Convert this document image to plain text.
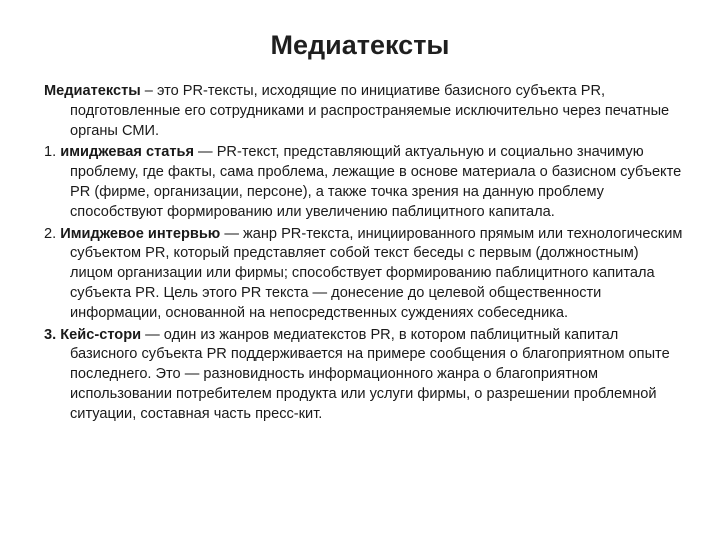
Медиатексты

Медиатексты – это PR-тексты, исходящие по инициативе базисного субъекта PR, подготовленные его сотрудниками и распространяемые исключительно через печатные органы СМИ.

1. имиджевая статья — PR-текст, представляющий актуальную и социально значимую проблему, где факты, сама проблема, лежащие в основе материала о базисном субъекте PR (фирме, организации, персоне), а также точка зрения на данную проблему способствуют формированию или увеличению паблицитного капитала.

2. Имиджевое интервью — жанр PR-текста, инициированного прямым или технологическим субъектом PR, который представляет собой текст беседы с первым (должностным) лицом организации или фирмы; способствует формированию паблицитного капитала субъекта PR. Цель этого PR текста — донесение до целевой общественности информации, основанной на непосредственных суждениях собеседника.

3. Кейс-стори — один из жанров медиатекстов PR, в котором паблицитный капитал базисного субъекта PR поддерживается на примере сообщения о благоприятном опыте последнего. Это — разновидность информационного жанра о благоприятном использовании потребителем продукта или услуги фирмы, о разрешении проблемной ситуации, составная часть пресс-кит.
